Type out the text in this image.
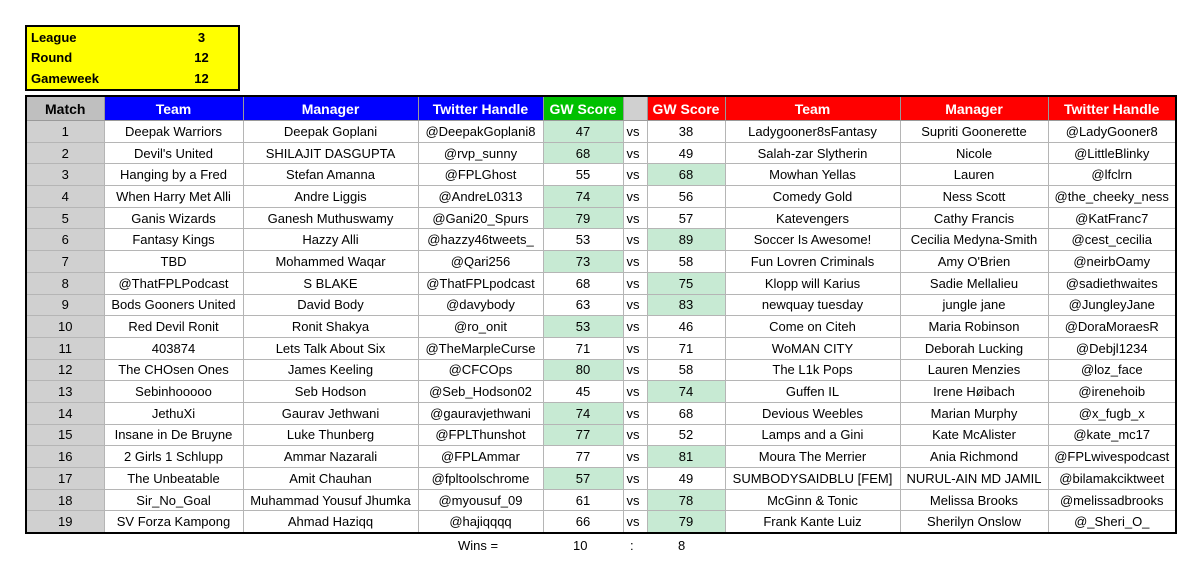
League	3
Round	12
Gameweek	12
Match	Team	Manager	Twitter Handle	GW Score		GW Score	Team	Manager	Twitter Handle
1	Deepak Warriors	Deepak Goplani	@DeepakGoplani8	47	vs	38	Ladygooner8sFantasy	Supriti Goonerette	@LadyGooner8
2	Devil's United	SHILAJIT DASGUPTA	@rvp_sunny	68	vs	49	Salah-zar Slytherin	Nicole	@LittleBlinky
3	Hanging by a Fred	Stefan Amanna	@FPLGhost	55	vs	68	Mowhan Yellas	Lauren	@lfclrn
4	When Harry Met Alli	Andre Liggis	@AndreL0313	74	vs	56	Comedy Gold	Ness Scott	@the_cheeky_ness
5	Ganis Wizards	Ganesh Muthuswamy	@Gani20_Spurs	79	vs	57	Katevengers	Cathy Francis	@KatFranc7
6	Fantasy Kings	Hazzy Alli	@hazzy46tweets_	53	vs	89	Soccer Is Awesome!	Cecilia Medyna-Smith	@cest_cecilia
7	TBD	Mohammed Waqar	@Qari256	73	vs	58	Fun Lovren Criminals	Amy O'Brien	@neirbOamy
8	@ThatFPLPodcast	S BLAKE	@ThatFPLpodcast	68	vs	75	Klopp will Karius	Sadie Mellalieu	@sadiethwaites
9	Bods Gooners United	David Body	@davybody	63	vs	83	newquay tuesday	jungle jane	@JungleyJane
10	Red Devil Ronit	Ronit Shakya	@ro_onit	53	vs	46	Come on Citeh	Maria Robinson	@DoraMoraesR
11	403874	Lets Talk About Six	@TheMarpleCurse	71	vs	71	WoMAN CITY	Deborah Lucking	@Debjl1234
12	The CHOsen Ones	James Keeling	@CFCOps	80	vs	58	The L1k Pops	Lauren Menzies	@loz_face
13	Sebinhooooo	Seb Hodson	@Seb_Hodson02	45	vs	74	Guffen IL	Irene Høibach	@irenehoib
14	JethuXi	Gaurav Jethwani	@gauravjethwani	74	vs	68	Devious Weebles	Marian Murphy	@x_fugb_x
15	Insane in De Bruyne	Luke Thunberg	@FPLThunshot	77	vs	52	Lamps and a Gini	Kate McAlister	@kate_mc17
16	2 Girls 1 Schlupp	Ammar Nazarali	@FPLAmmar	77	vs	81	Moura The Merrier	Ania Richmond	@FPLwivespodcast
17	The Unbeatable	Amit Chauhan	@fpltoolschrome	57	vs	49	SUMBODYSAIDBLU [FEM]	NURUL-AIN MD JAMIL	@bilamakciktweet
18	Sir_No_Goal	Muhammad Yousuf Jhumka	@myousuf_09	61	vs	78	McGinn & Tonic	Melissa Brooks	@melissadbrooks
19	SV Forza Kampong	Ahmad Haziqq	@hajiqqqq	66	vs	79	Frank Kante Luiz	Sherilyn Onslow	@_Sheri_O_
Wins =	10	:	8
